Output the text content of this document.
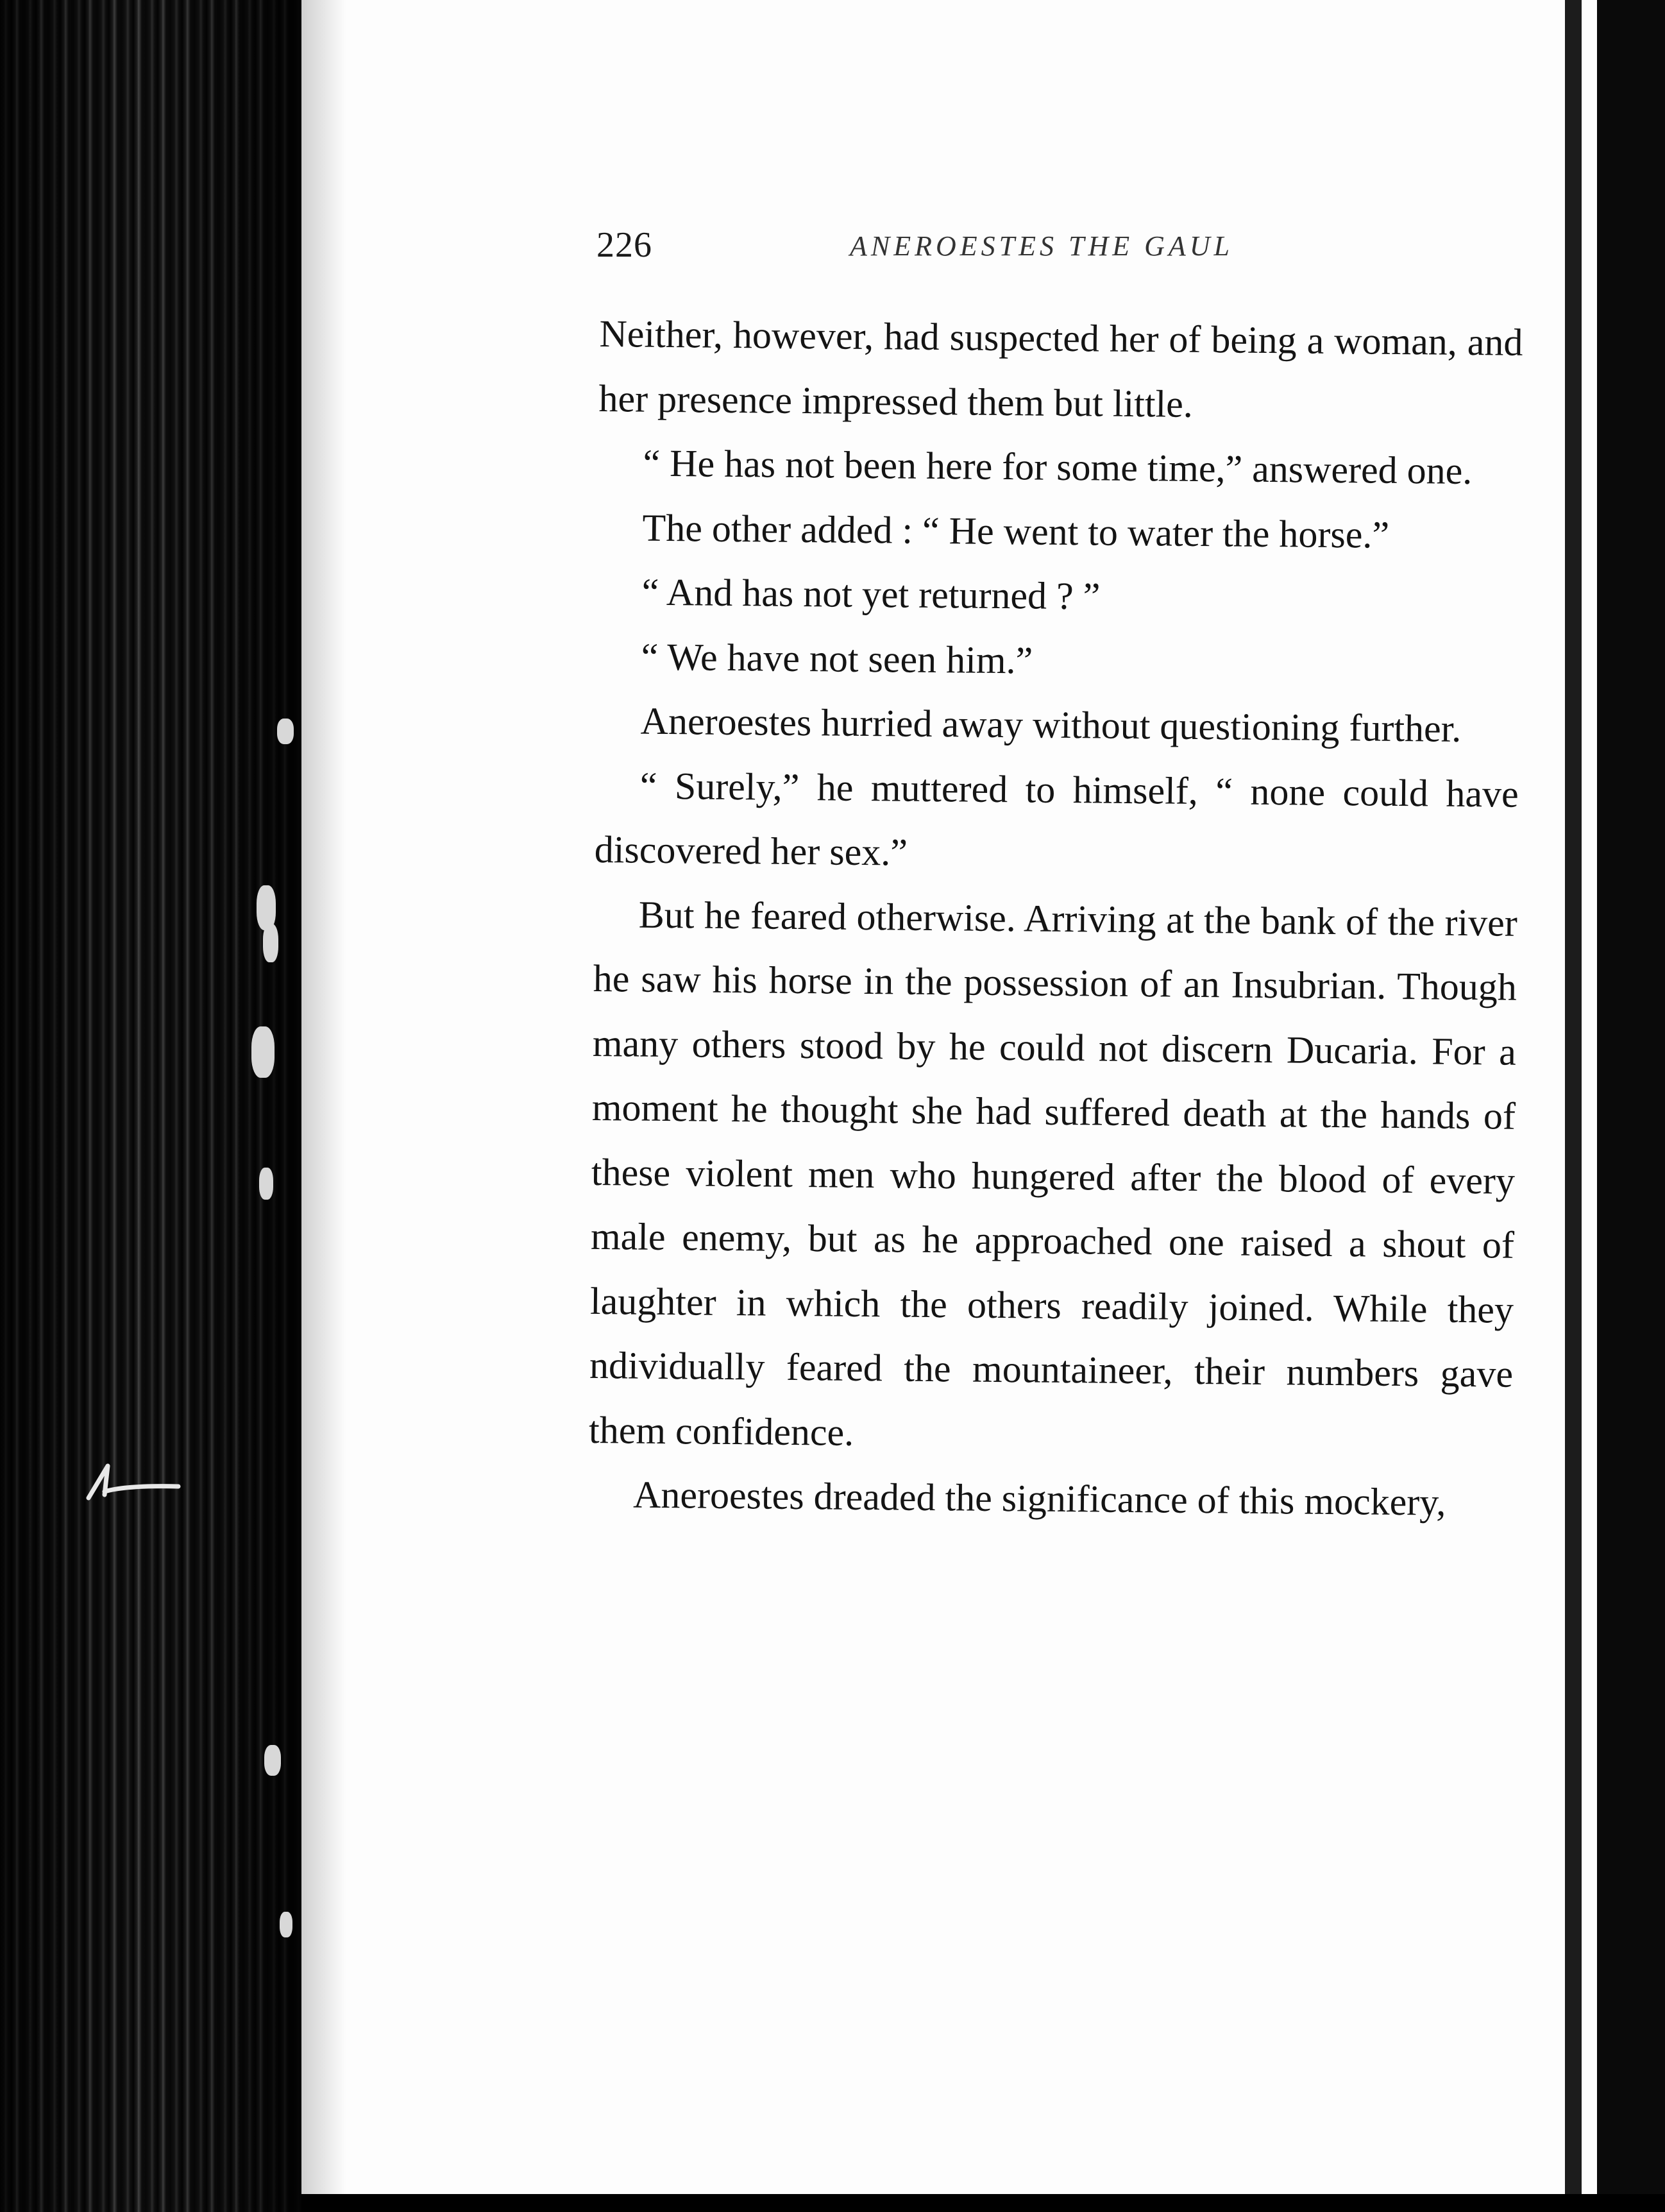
226	ANEROESTES THE GAUL

Neither, however, had suspected her of being a woman, and her presence impressed them but little.

“ He has not been here for some time,” answered one.

The other added : “ He went to water the horse.”

“ And has not yet returned ? ”

“ We have not seen him.”

Aneroestes hurried away without questioning further.

“ Surely,” he muttered to himself, “ none could have discovered her sex.”

But he feared otherwise. Arriving at the bank of the river he saw his horse in the possession of an Insubrian. Though many others stood by he could not discern Ducaria. For a moment he thought she had suffered death at the hands of these violent men who hungered after the blood of every male enemy, but as he approached one raised a shout of laughter in which the others readily joined. While they ndividually feared the mountaineer, their numbers gave them confidence.

Aneroestes dreaded the significance of this mockery,
